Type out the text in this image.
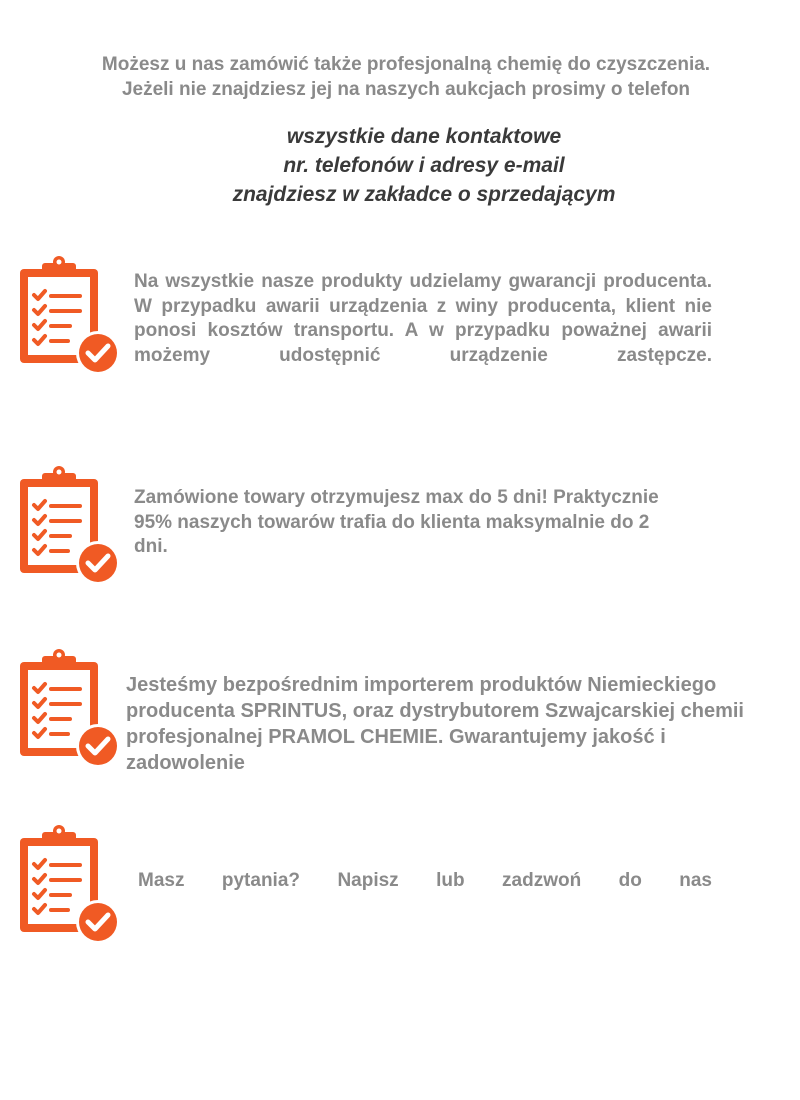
Możesz u nas zamówić także profesjonalną chemię do czyszczenia. Jeżeli nie znajdziesz jej na naszych aukcjach prosimy o telefon
wszystkie dane kontaktowe
nr. telefonów i adresy e-mail
znajdziesz w zakładce o sprzedającym
Na wszystkie nasze produkty udzielamy gwarancji producenta. W przypadku awarii urządzenia z winy producenta, klient nie ponosi kosztów transportu. A w przypadku poważnej awarii możemy udostępnić urządzenie zastępcze.
Zamówione towary otrzymujesz max do 5 dni! Praktycznie 95% naszych towarów trafia do klienta maksymalnie do 2 dni.
Jesteśmy bezpośrednim importerem produktów Niemieckiego producenta SPRINTUS, oraz dystrybutorem Szwajcarskiej chemii profesjonalnej PRAMOL CHEMIE. Gwarantujemy jakość i zadowolenie
Masz pytania? Napisz lub zadzwoń do nas
